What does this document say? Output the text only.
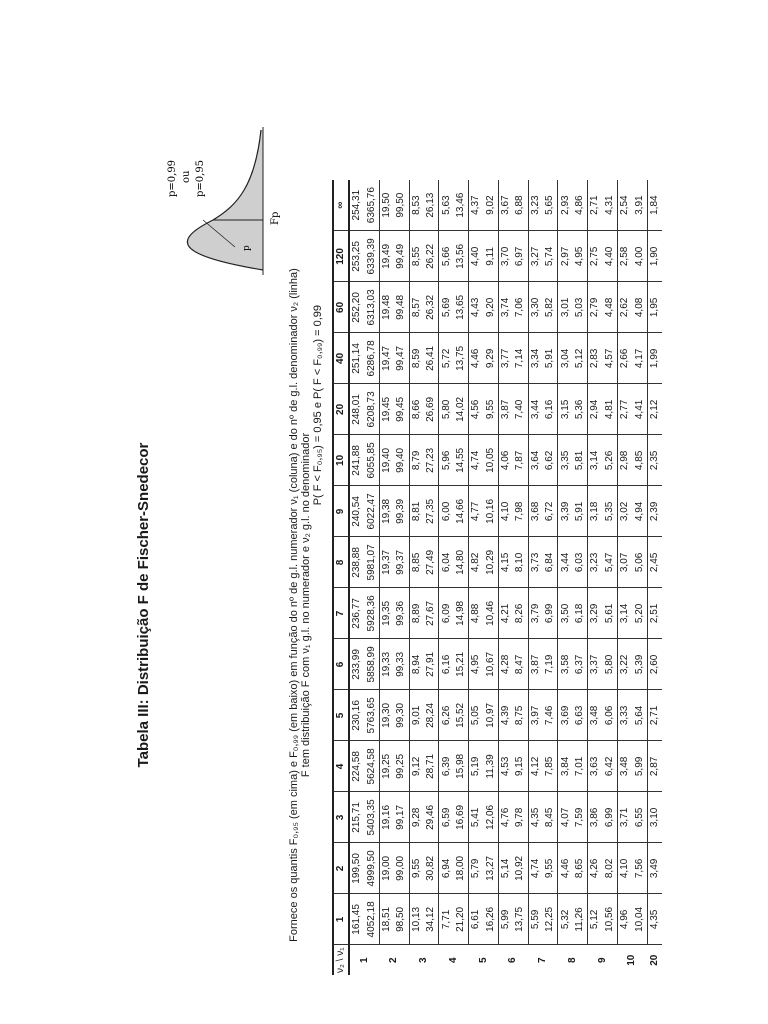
Tabela III: Distribuição F de Fischer-Snedecor
p
Fp
p=0,99 ou p=0,95
Fornece os quantis F₀,₉₅ (em cima) e F₀,₉₉ (em baixo) em função do nº de g.l. numerador ν₁ (coluna) e do nº de g.l. denominador ν₂ (linha)
F tem distribuição F com ν₁ g.l. no numerador e ν₂ g.l. no denominador
P( F < F₀,₉₅) = 0,95 e P( F < F₀,₉₉) = 0,99
ν₂ \ ν₁	1	2	3	4	5	6	7	8	9	10	20	40	60	120	∞
1	161,45	199,50	215,71	224,58	230,16	233,99	236,77	238,88	240,54	241,88	248,01	251,14	252,20	253,25	254,31
	4052,18	4999,50	5403,35	5624,58	5763,65	5858,99	5928,36	5981,07	6022,47	6055,85	6208,73	6286,78	6313,03	6339,39	6365,76
2	18,51	19,00	19,16	19,25	19,30	19,33	19,35	19,37	19,38	19,40	19,45	19,47	19,48	19,49	19,50
	98,50	99,00	99,17	99,25	99,30	99,33	99,36	99,37	99,39	99,40	99,45	99,47	99,48	99,49	99,50
3	10,13	9,55	9,28	9,12	9,01	8,94	8,89	8,85	8,81	8,79	8,66	8,59	8,57	8,55	8,53
	34,12	30,82	29,46	28,71	28,24	27,91	27,67	27,49	27,35	27,23	26,69	26,41	26,32	26,22	26,13
4	7,71	6,94	6,59	6,39	6,26	6,16	6,09	6,04	6,00	5,96	5,80	5,72	5,69	5,66	5,63
	21,20	18,00	16,69	15,98	15,52	15,21	14,98	14,80	14,66	14,55	14,02	13,75	13,65	13,56	13,46
5	6,61	5,79	5,41	5,19	5,05	4,95	4,88	4,82	4,77	4,74	4,56	4,46	4,43	4,40	4,37
	16,26	13,27	12,06	11,39	10,97	10,67	10,46	10,29	10,16	10,05	9,55	9,29	9,20	9,11	9,02
6	5,99	5,14	4,76	4,53	4,39	4,28	4,21	4,15	4,10	4,06	3,87	3,77	3,74	3,70	3,67
	13,75	10,92	9,78	9,15	8,75	8,47	8,26	8,10	7,98	7,87	7,40	7,14	7,06	6,97	6,88
7	5,59	4,74	4,35	4,12	3,97	3,87	3,79	3,73	3,68	3,64	3,44	3,34	3,30	3,27	3,23
	12,25	9,55	8,45	7,85	7,46	7,19	6,99	6,84	6,72	6,62	6,16	5,91	5,82	5,74	5,65
8	5,32	4,46	4,07	3,84	3,69	3,58	3,50	3,44	3,39	3,35	3,15	3,04	3,01	2,97	2,93
	11,26	8,65	7,59	7,01	6,63	6,37	6,18	6,03	5,91	5,81	5,36	5,12	5,03	4,95	4,86
9	5,12	4,26	3,86	3,63	3,48	3,37	3,29	3,23	3,18	3,14	2,94	2,83	2,79	2,75	2,71
	10,56	8,02	6,99	6,42	6,06	5,80	5,61	5,47	5,35	5,26	4,81	4,57	4,48	4,40	4,31
10	4,96	4,10	3,71	3,48	3,33	3,22	3,14	3,07	3,02	2,98	2,77	2,66	2,62	2,58	2,54
	10,04	7,56	6,55	5,99	5,64	5,39	5,20	5,06	4,94	4,85	4,41	4,17	4,08	4,00	3,91
20	4,35	3,49	3,10	2,87	2,71	2,60	2,51	2,45	2,39	2,35	2,12	1,99	1,95	1,90	1,84
